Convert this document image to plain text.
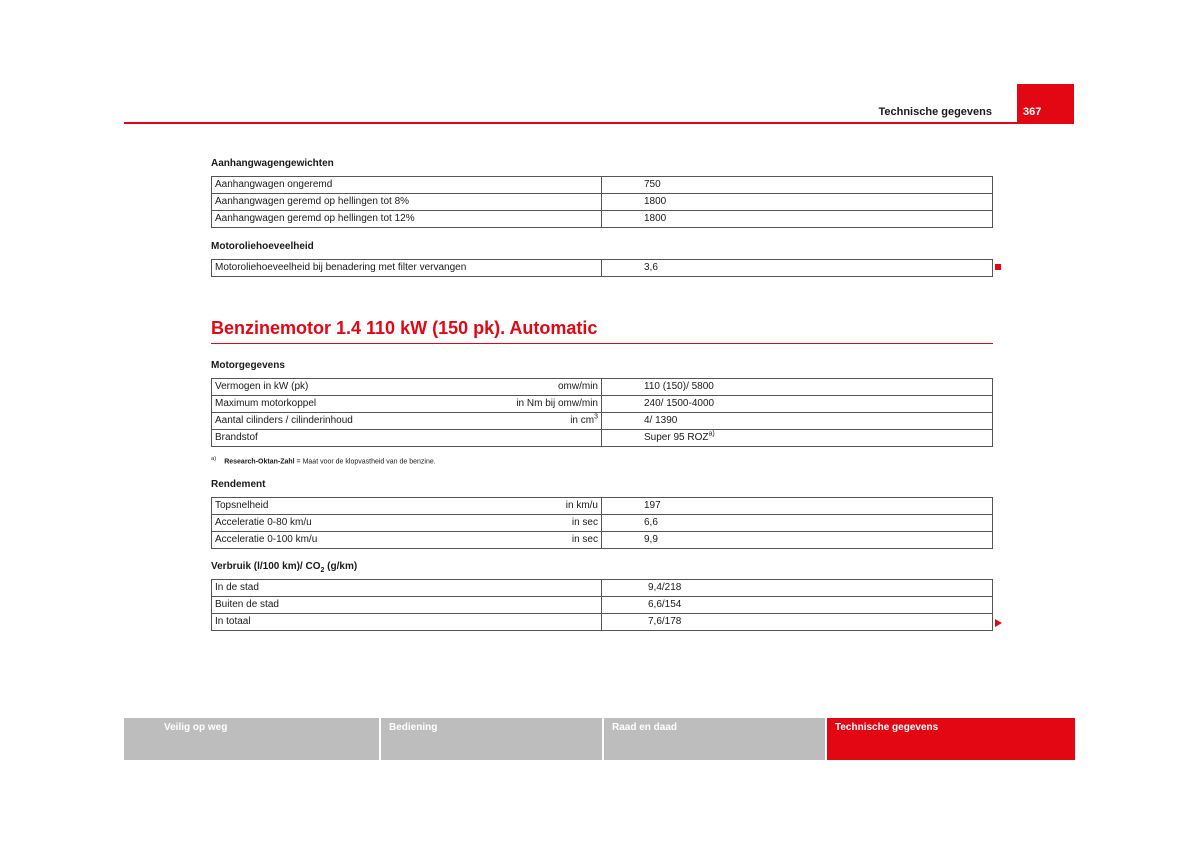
Technische gegevens	367
Aanhangwagengewichten
Aanhangwagen ongeremd	750
Aanhangwagen geremd op hellingen tot 8%	1800
Aanhangwagen geremd op hellingen tot 12%	1800
Motoroliehoeveelheid
Motoroliehoeveelheid bij benadering met filter vervangen	3,6
Benzinemotor 1.4 110 kW (150 pk). Automatic
Motorgegevens
Vermogen in kW (pk) omw/min	110 (150)/ 5800

Maximum motorkoppel in Nm bij omw/min	240/ 1500-4000

Aantal cilinders / cilinderinhoud in $cm^3$	4/ 1390

Brandstof	Super 95 ROZ$^{a)}$
$^{a)}$ Research-Oktan-Zahl = Maat voor de klopvastheid van de benzine.
Rendement
Topsnelheid in km/u	197

Acceleratie 0-80 km/u in sec	6,6

Acceleratie 0-100 km/u in sec	9,9
Verbruik (l/100 km)/ $CO_2$ (g/km)
In de stad	9,4/218
Buiten de stad	6,6/154
In totaal	7,6/178
Veilig op weg	Bediening	Raad en daad	Technische gegevens
